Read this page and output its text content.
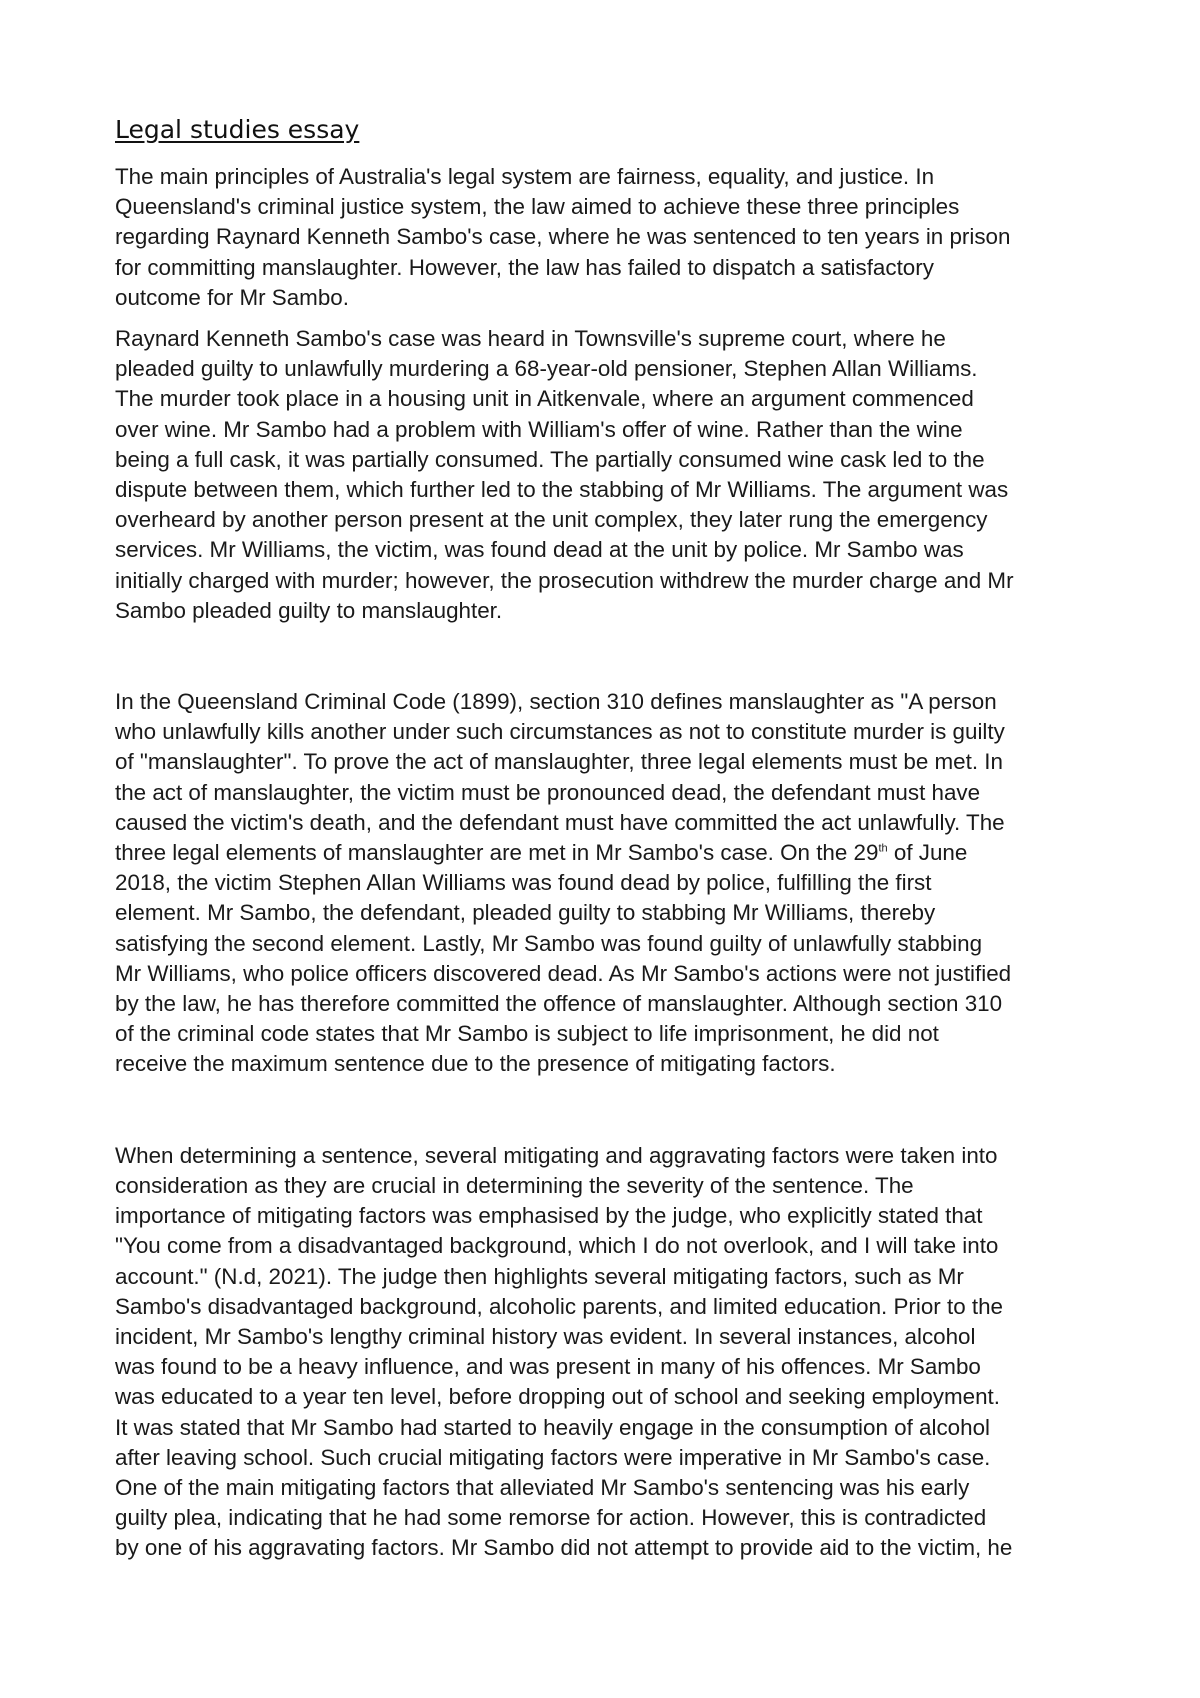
Legal studies essay

The main principles of Australia's legal system are fairness, equality, and justice. In
Queensland's criminal justice system, the law aimed to achieve these three principles
regarding Raynard Kenneth Sambo's case, where he was sentenced to ten years in prison
for committing manslaughter. However, the law has failed to dispatch a satisfactory
outcome for Mr Sambo.

Raynard Kenneth Sambo's case was heard in Townsville's supreme court, where he
pleaded guilty to unlawfully murdering a 68-year-old pensioner, Stephen Allan Williams.
The murder took place in a housing unit in Aitkenvale, where an argument commenced
over wine. Mr Sambo had a problem with William's offer of wine. Rather than the wine
being a full cask, it was partially consumed. The partially consumed wine cask led to the
dispute between them, which further led to the stabbing of Mr Williams. The argument was
overheard by another person present at the unit complex, they later rung the emergency
services. Mr Williams, the victim, was found dead at the unit by police. Mr Sambo was
initially charged with murder; however, the prosecution withdrew the murder charge and Mr
Sambo pleaded guilty to manslaughter.

In the Queensland Criminal Code (1899), section 310 defines manslaughter as "A person
who unlawfully kills another under such circumstances as not to constitute murder is guilty
of "manslaughter". To prove the act of manslaughter, three legal elements must be met. In
the act of manslaughter, the victim must be pronounced dead, the defendant must have
caused the victim's death, and the defendant must have committed the act unlawfully. The
three legal elements of manslaughter are met in Mr Sambo's case. On the 29th of June
2018, the victim Stephen Allan Williams was found dead by police, fulfilling the first
element. Mr Sambo, the defendant, pleaded guilty to stabbing Mr Williams, thereby
satisfying the second element. Lastly, Mr Sambo was found guilty of unlawfully stabbing
Mr Williams, who police officers discovered dead. As Mr Sambo's actions were not justified
by the law, he has therefore committed the offence of manslaughter. Although section 310
of the criminal code states that Mr Sambo is subject to life imprisonment, he did not
receive the maximum sentence due to the presence of mitigating factors.

When determining a sentence, several mitigating and aggravating factors were taken into
consideration as they are crucial in determining the severity of the sentence. The
importance of mitigating factors was emphasised by the judge, who explicitly stated that
"You come from a disadvantaged background, which I do not overlook, and I will take into
account." (N.d, 2021). The judge then highlights several mitigating factors, such as Mr
Sambo's disadvantaged background, alcoholic parents, and limited education. Prior to the
incident, Mr Sambo's lengthy criminal history was evident. In several instances, alcohol
was found to be a heavy influence, and was present in many of his offences. Mr Sambo
was educated to a year ten level, before dropping out of school and seeking employment.
It was stated that Mr Sambo had started to heavily engage in the consumption of alcohol
after leaving school. Such crucial mitigating factors were imperative in Mr Sambo's case.
One of the main mitigating factors that alleviated Mr Sambo's sentencing was his early
guilty plea, indicating that he had some remorse for action. However, this is contradicted
by one of his aggravating factors. Mr Sambo did not attempt to provide aid to the victim, he
